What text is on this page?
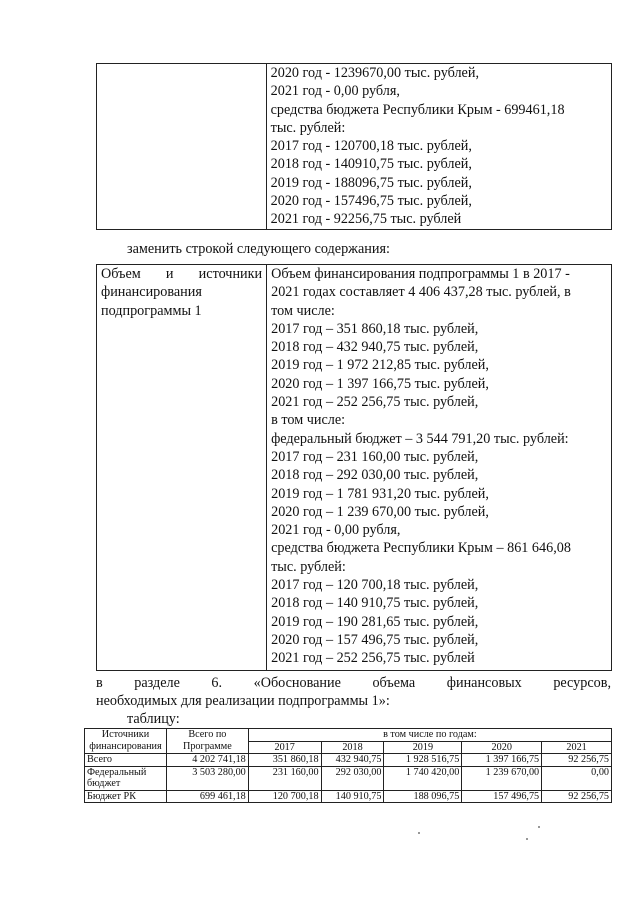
2020 год - 1239670,00 тыс. рублей,
2021 год - 0,00 рубля,
средства бюджета Республики Крым - 699461,18
тыс. рублей:
2017 год - 120700,18 тыс. рублей,
2018 год - 140910,75 тыс. рублей,
2019 год - 188096,75 тыс. рублей,
2020 год - 157496,75 тыс. рублей,
2021 год - 92256,75 тыс. рублей
заменить строкой следующего содержания:
Объем и источники
финансирования
подпрограммы 1

Объем финансирования подпрограммы 1 в 2017 -
2021 годах составляет 4 406 437,28 тыс. рублей, в
том числе:
2017 год – 351 860,18 тыс. рублей,
2018 год – 432 940,75 тыс. рублей,
2019 год – 1 972 212,85 тыс. рублей,
2020 год – 1 397 166,75 тыс. рублей,
2021 год – 252 256,75 тыс. рублей,
в том числе:
федеральный бюджет – 3 544 791,20 тыс. рублей:
2017 год – 231 160,00 тыс. рублей,
2018 год – 292 030,00 тыс. рублей,
2019 год – 1 781 931,20 тыс. рублей,
2020 год – 1 239 670,00 тыс. рублей,
2021 год - 0,00 рубля,
средства бюджета Республики Крым – 861 646,08
тыс. рублей:
2017 год – 120 700,18 тыс. рублей,
2018 год – 140 910,75 тыс. рублей,
2019 год – 190 281,65 тыс. рублей,
2020 год – 157 496,75 тыс. рублей,
2021 год – 252 256,75 тыс. рублей
в разделе 6. «Обоснование объема финансовых ресурсов,
необходимых для реализации подпрограммы 1»:
таблицу:
Источники финансирования	Всего по Программе	в том числе по годам:				
		2017	2018	2019	2020	2021
Всего	4 202 741,18	351 860,18	432 940,75	1 928 516,75	1 397 166,75	92 256,75
Федеральный бюджет	3 503 280,00	231 160,00	292 030,00	1 740 420,00	1 239 670,00	0,00
Бюджет РК	699 461,18	120 700,18	140 910,75	188 096,75	157 496,75	92 256,75
